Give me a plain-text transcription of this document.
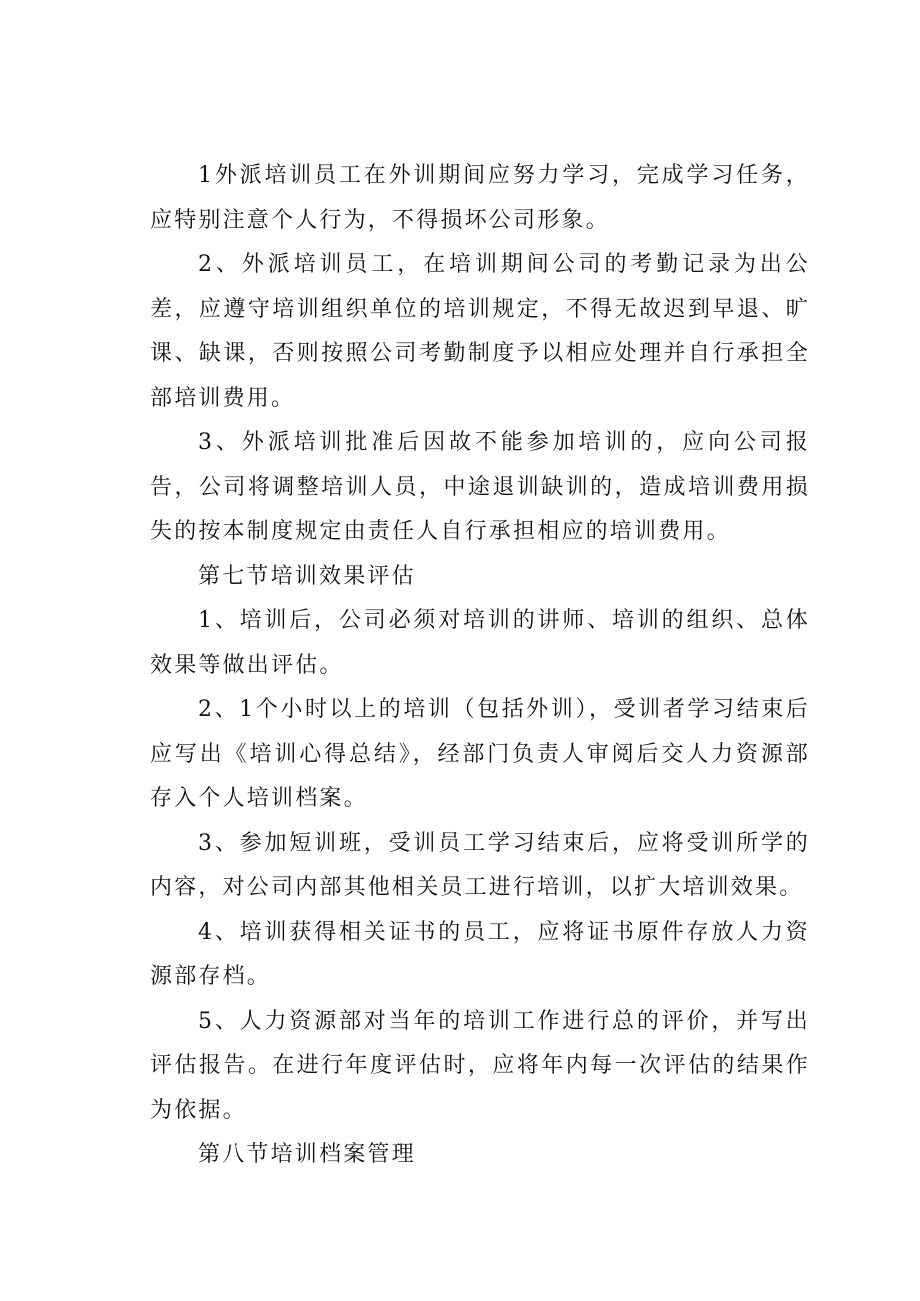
1外派培训员工在外训期间应努力学习，完成学习任务，应特别注意个人行为，不得损坏公司形象。

2、外派培训员工，在培训期间公司的考勤记录为出公差，应遵守培训组织单位的培训规定，不得无故迟到早退、旷课、缺课，否则按照公司考勤制度予以相应处理并自行承担全部培训费用。

3、外派培训批准后因故不能参加培训的，应向公司报告，公司将调整培训人员，中途退训缺训的，造成培训费用损失的按本制度规定由责任人自行承担相应的培训费用。

第七节培训效果评估

1、培训后，公司必须对培训的讲师、培训的组织、总体效果等做出评估。

2、1个小时以上的培训（包括外训），受训者学习结束后应写出《培训心得总结》，经部门负责人审阅后交人力资源部存入个人培训档案。

3、参加短训班，受训员工学习结束后，应将受训所学的内容，对公司内部其他相关员工进行培训，以扩大培训效果。

4、培训获得相关证书的员工，应将证书原件存放人力资源部存档。

5、人力资源部对当年的培训工作进行总的评价，并写出评估报告。在进行年度评估时，应将年内每一次评估的结果作为依据。

第八节培训档案管理
